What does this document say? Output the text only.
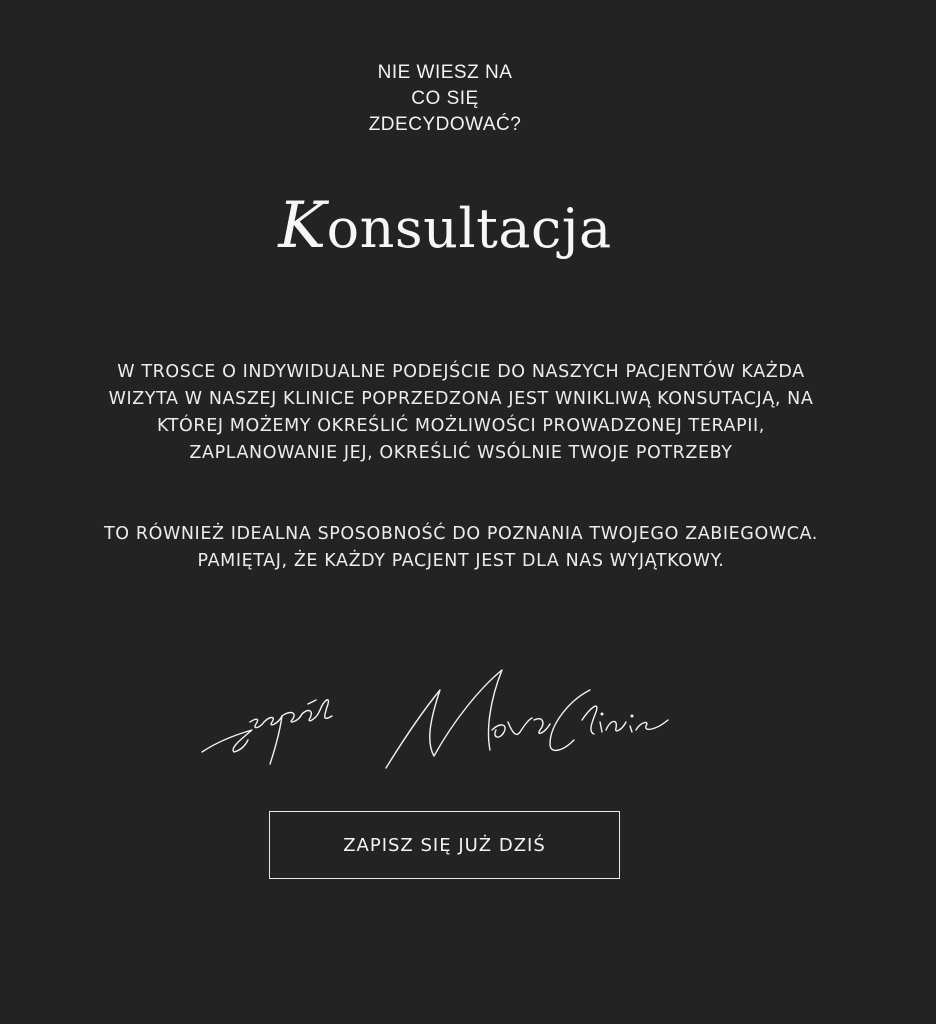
NIE WIESZ NA
CO SIĘ
ZDECYDOWAĆ?
Konsultacja

W TROSCE O INDYWIDUALNE PODEJŚCIE DO NASZYCH PACJENTÓW KAŻDA WIZYTA W NASZEJ KLINICE POPRZEDZONA JEST WNIKLIWĄ KONSUTACJĄ, NA KTÓREJ MOŻEMY OKREŚLIĆ MOŻLIWOŚCI PROWADZONEJ TERAPII, ZAPLANOWANIE JEJ, OKREŚLIĆ WSÓLNIE TWOJE POTRZEBY

TO RÓWNIEŻ IDEALNA SPOSOBNOŚĆ DO POZNANIA TWOJEGO ZABIEGOWCA. PAMIĘTAJ, ŻE KAŻDY PACJENT JEST DLA NAS WYJĄTKOWY.

zespół Nova Clinic
ZAPISZ SIĘ JUŻ DZIŚ
